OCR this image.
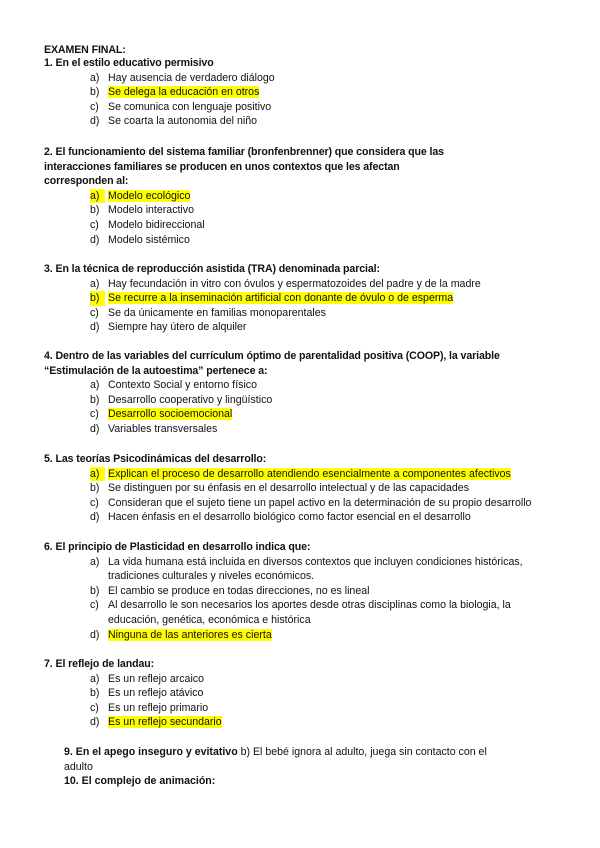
EXAMEN FINAL:
1. En el estilo educativo permisivo
a) Hay ausencia de verdadero diálogo
b) Se delega la educación en otros
c) Se comunica con lenguaje positivo
d) Se coarta la autonomia del niño
2. El funcionamiento del sistema familiar (bronfenbrenner) que considera que las
interacciones familiares se producen en unos contextos que les afectan
corresponden al:
a) Modelo ecológico
b) Modelo interactivo
c) Modelo bidireccional
d) Modelo sistémico
3. En la técnica de reproducción asistida (TRA) denominada parcial:
a) Hay fecundación in vitro con óvulos y espermatozoides del padre y de la madre
b) Se recurre a la inseminación artificial con donante de óvulo o de esperma
c) Se da únicamente en familias monoparentales
d) Siempre hay útero de alquiler
4. Dentro de las variables del currículum óptimo de parentalidad positiva (COOP), la variable
“Estimulación de la autoestima” pertenece a:
a) Contexto Social y entorno físico
b) Desarrollo cooperativo y lingüístico
c) Desarrollo socioemocional
d) Variables transversales
5. Las teorías Psicodinámicas del desarrollo:
a) Explican el proceso de desarrollo atendiendo esencialmente a componentes afectivos
b) Se distinguen por su énfasis en el desarrollo intelectual y de las capacidades
c) Consideran que el sujeto tiene un papel activo en la determinación de su propio desarrollo
d) Hacen énfasis en el desarrollo biológico como factor esencial en el desarrollo
6. El principio de Plasticidad en desarrollo indica que:
a) La vida humana está incluida en diversos contextos que incluyen condiciones históricas,
tradiciones culturales y niveles económicos.
b) El cambio se produce en todas direcciones, no es lineal
c) Al desarrollo le son necesarios los aportes desde otras disciplinas como la biologia, la
educación, genética, económica e histórica
d) Ninguna de las anteriores es cierta
7. El reflejo de landau:
a) Es un reflejo arcaico
b) Es un reflejo atávico
c) Es un reflejo primario
d) Es un reflejo secundario
9. En el apego inseguro y evitativo b) El bebé ignora al adulto, juega sin contacto con el
adulto
10. El complejo de animación:
